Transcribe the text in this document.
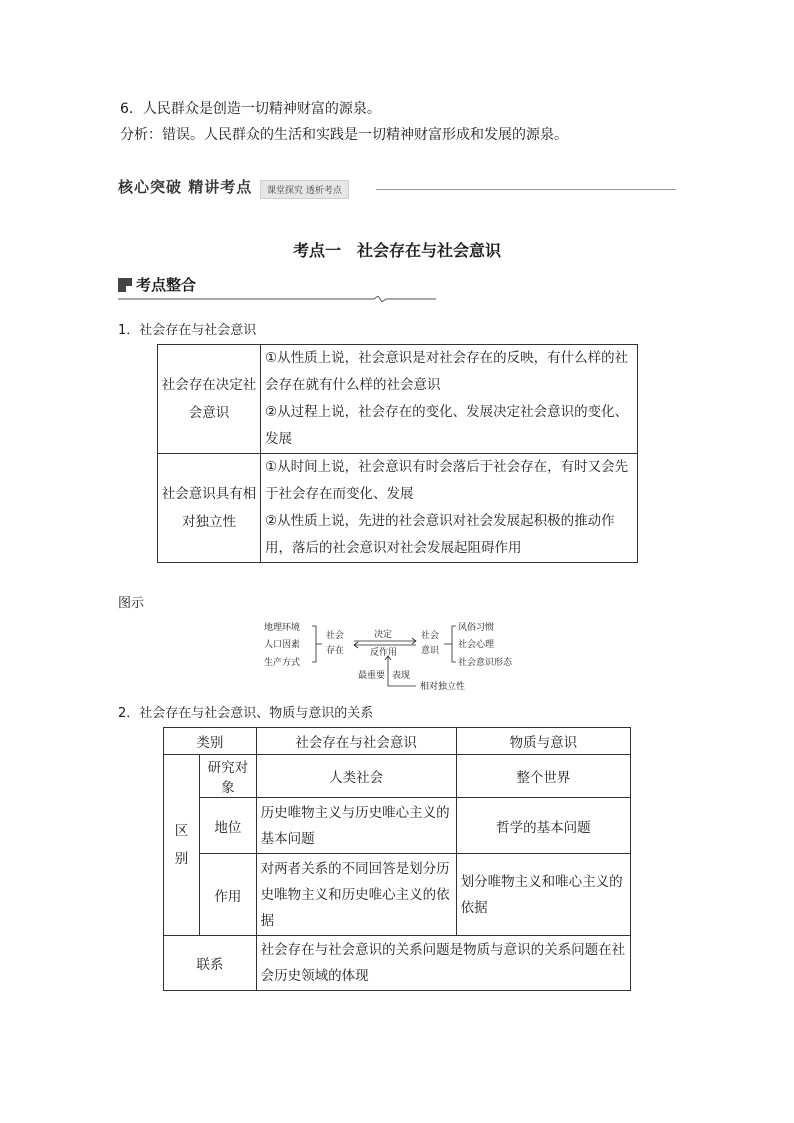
6．人民群众是创造一切精神财富的源泉。
分析：错误。人民群众的生活和实践是一切精神财富形成和发展的源泉。
核心突破 精讲考点	课堂探究 透析考点
考点一　社会存在与社会意识
考点整合
1．社会存在与社会意识
社会存在决定社会意识	①从性质上说，社会意识是对社会存在的反映，有什么样的社会存在就有什么样的社会意识
②从过程上说，社会存在的变化、发展决定社会意识的变化、发展

社会意识具有相对独立性	①从时间上说，社会意识有时会落后于社会存在，有时又会先于社会存在而变化、发展
②从性质上说，先进的社会意识对社会发展起积极的推动作用，落后的社会意识对社会发展起阻碍作用
图示
地理环境
人口因素
生产方式
社会
存在
决定
反作用
社会
意识
风俗习惯
社会心理
社会意识形态
最重要 表现
相对独立性
2．社会存在与社会意识、物质与意识的关系
类别		社会存在与社会意识	物质与意识

区
别	研究对象	人类社会	整个世界
	地位	历史唯物主义与历史唯心主义的基本问题	哲学的基本问题
	作用	对两者关系的不同回答是划分历史唯物主义和历史唯心主义的依据	划分唯物主义和唯心主义的依据
联系		社会存在与社会意识的关系问题是物质与意识的关系问题在社会历史领域的体现	
